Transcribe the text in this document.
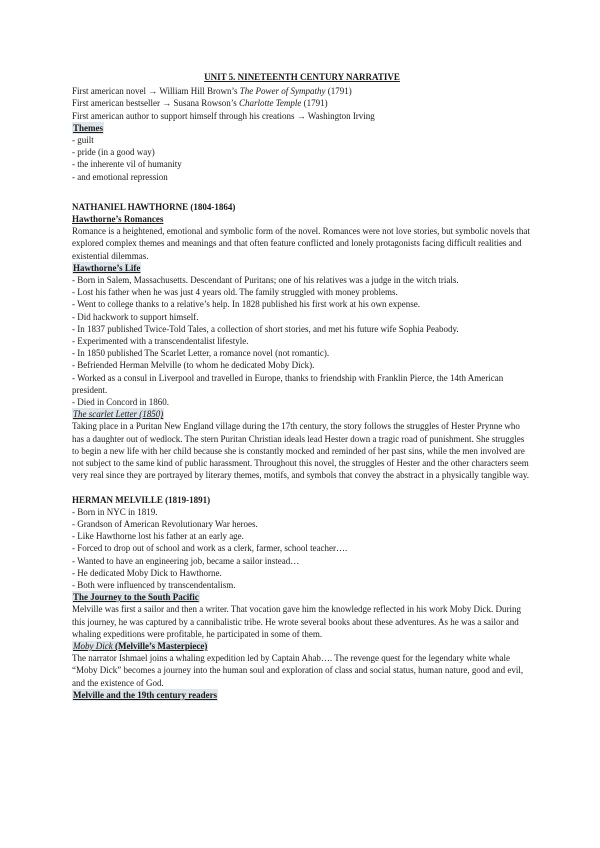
UNIT 5. NINETEENTH CENTURY NARRATIVE

First american novel → William Hill Brown’s The Power of Sympathy (1791)

First american bestseller → Susana Rowson’s Charlotte Temple (1791)

First american author to support himself through his creations → Washington Irving

Themes

- guilt

- pride (in a good way)

- the inherente vil of humanity

- and emotional repression

NATHANIEL HAWTHORNE (1804-1864)

Hawthorne’s Romances

Romance is a heightened, emotional and symbolic form of the novel. Romances were not love stories, but symbolic novels that explored complex themes and meanings and that often feature conflicted and lonely protagonists facing difficult realities and existential dilemmas.

Hawthorne’s Life

- Born in Salem, Massachusetts. Descendant of Puritans; one of his relatives was a judge in the witch trials.

- Lost his father when he was just 4 years old. The family struggled with money problems.

- Went to college thanks to a relative’s help. In 1828 published his first work at his own expense.

- Did hackwork to support himself.

- In 1837 published Twice-Told Tales, a collection of short stories, and met his future wife Sophia Peabody.

- Experimented with a transcendentalist lifestyle.

- In 1850 published The Scarlet Letter, a romance novel (not romantic).

- Befriended Herman Melville (to whom he dedicated Moby Dick).

- Worked as a consul in Liverpool and travelled in Europe, thanks to friendship with Franklin Pierce, the 14th American president.

- Died in Concord in 1860.

The scarlet Letter (1850)

Taking place in a Puritan New England village during the 17th century, the story follows the struggles of Hester Prynne who has a daughter out of wedlock. The stern Puritan Christian ideals lead Hester down a tragic road of punishment. She struggles to begin a new life with her child because she is constantly mocked and reminded of her past sins, while the men involved are not subject to the same kind of public harassment. Throughout this novel, the struggles of Hester and the other characters seem very real since they are portrayed by literary themes, motifs, and symbols that convey the abstract in a physically tangible way.

HERMAN MELVILLE (1819-1891)

- Born in NYC in 1819.

- Grandson of American Revolutionary War heroes.

- Like Hawthorne lost his father at an early age.

- Forced to drop out of school and work as a clerk, farmer, school teacher….

- Wanted to have an engineering job, became a sailor instead…

- He dedicated Moby Dick to Hawthorne.

- Both were influenced by transcendentalism.

The Journey to the South Pacific

Melville was first a sailor and then a writer. That vocation gave him the knowledge reflected in his work Moby Dick. During this journey, he was captured by a cannibalistic tribe. He wrote several books about these adventures. As he was a sailor and whaling expeditions were profitable, he participated in some of them.

Moby Dick (Melville’s Masterpiece)

The narrator Ishmael joins a whaling expedition led by Captain Ahab…. The revenge quest for the legendary white whale “Moby Dick” becomes a journey into the human soul and exploration of class and social status, human nature, good and evil, and the existence of God.

Melville and the 19th century readers
